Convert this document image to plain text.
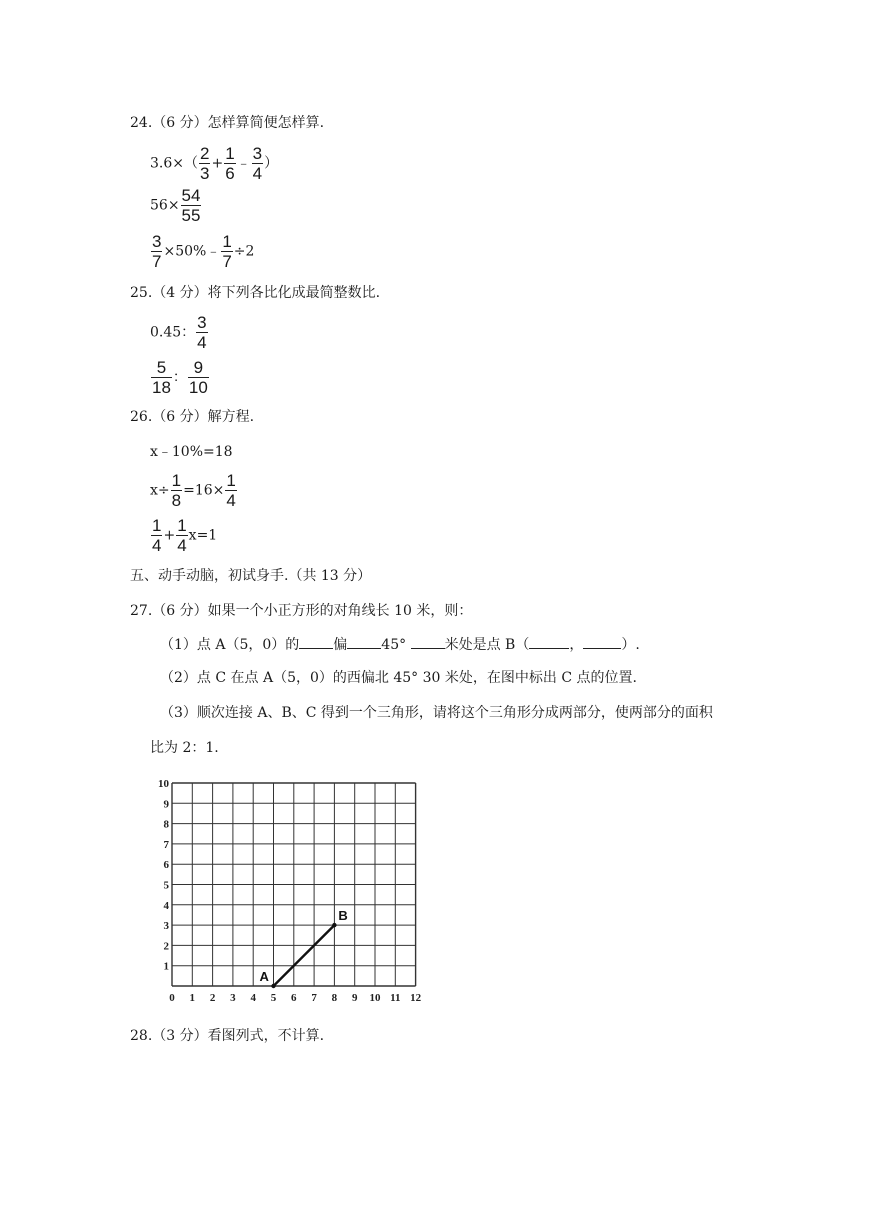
24.（6 分）怎样算简便怎样算.
$3.6\times( \frac{2}{3} + \frac{1}{6}$ ﹣ $\frac{3}{4}$ ）
$56\times \frac{54}{55}$
$\frac{3}{7}$ ×50%﹣ $\frac{1}{7} \div 2$
25.（4 分）将下列各比化成最简整数比.
0.45： $\frac{3}{4}$
$\frac{5}{18}$ ： $\frac{9}{10}$
26.（6 分）解方程.
x﹣10%=18
$x\div \frac{1}{8} =16\times \frac{1}{4}$
$\frac{1}{4} + \frac{1}{4} x=1$
五、动手动脑，初试身手.（共 13 分）
27.（6 分）如果一个小正方形的对角线长 10 米，则：
（1）点 A（5，0）的 偏 45°	米处是点 B（	，	）.
（2）点 C 在点 A（5，0）的西偏北 45° 30 米处，在图中标出 C 点的位置.
（3）顺次连接 A、B、C 得到一个三角形，请将这个三角形分成两部分，使两部分的面积
比为 2：1.
0 1 2 3 4 5 6 7 8 9 10 11 12
1
2
3
4
5
6
7
8
9
10
A
B
28.（3 分）看图列式，不计算.
